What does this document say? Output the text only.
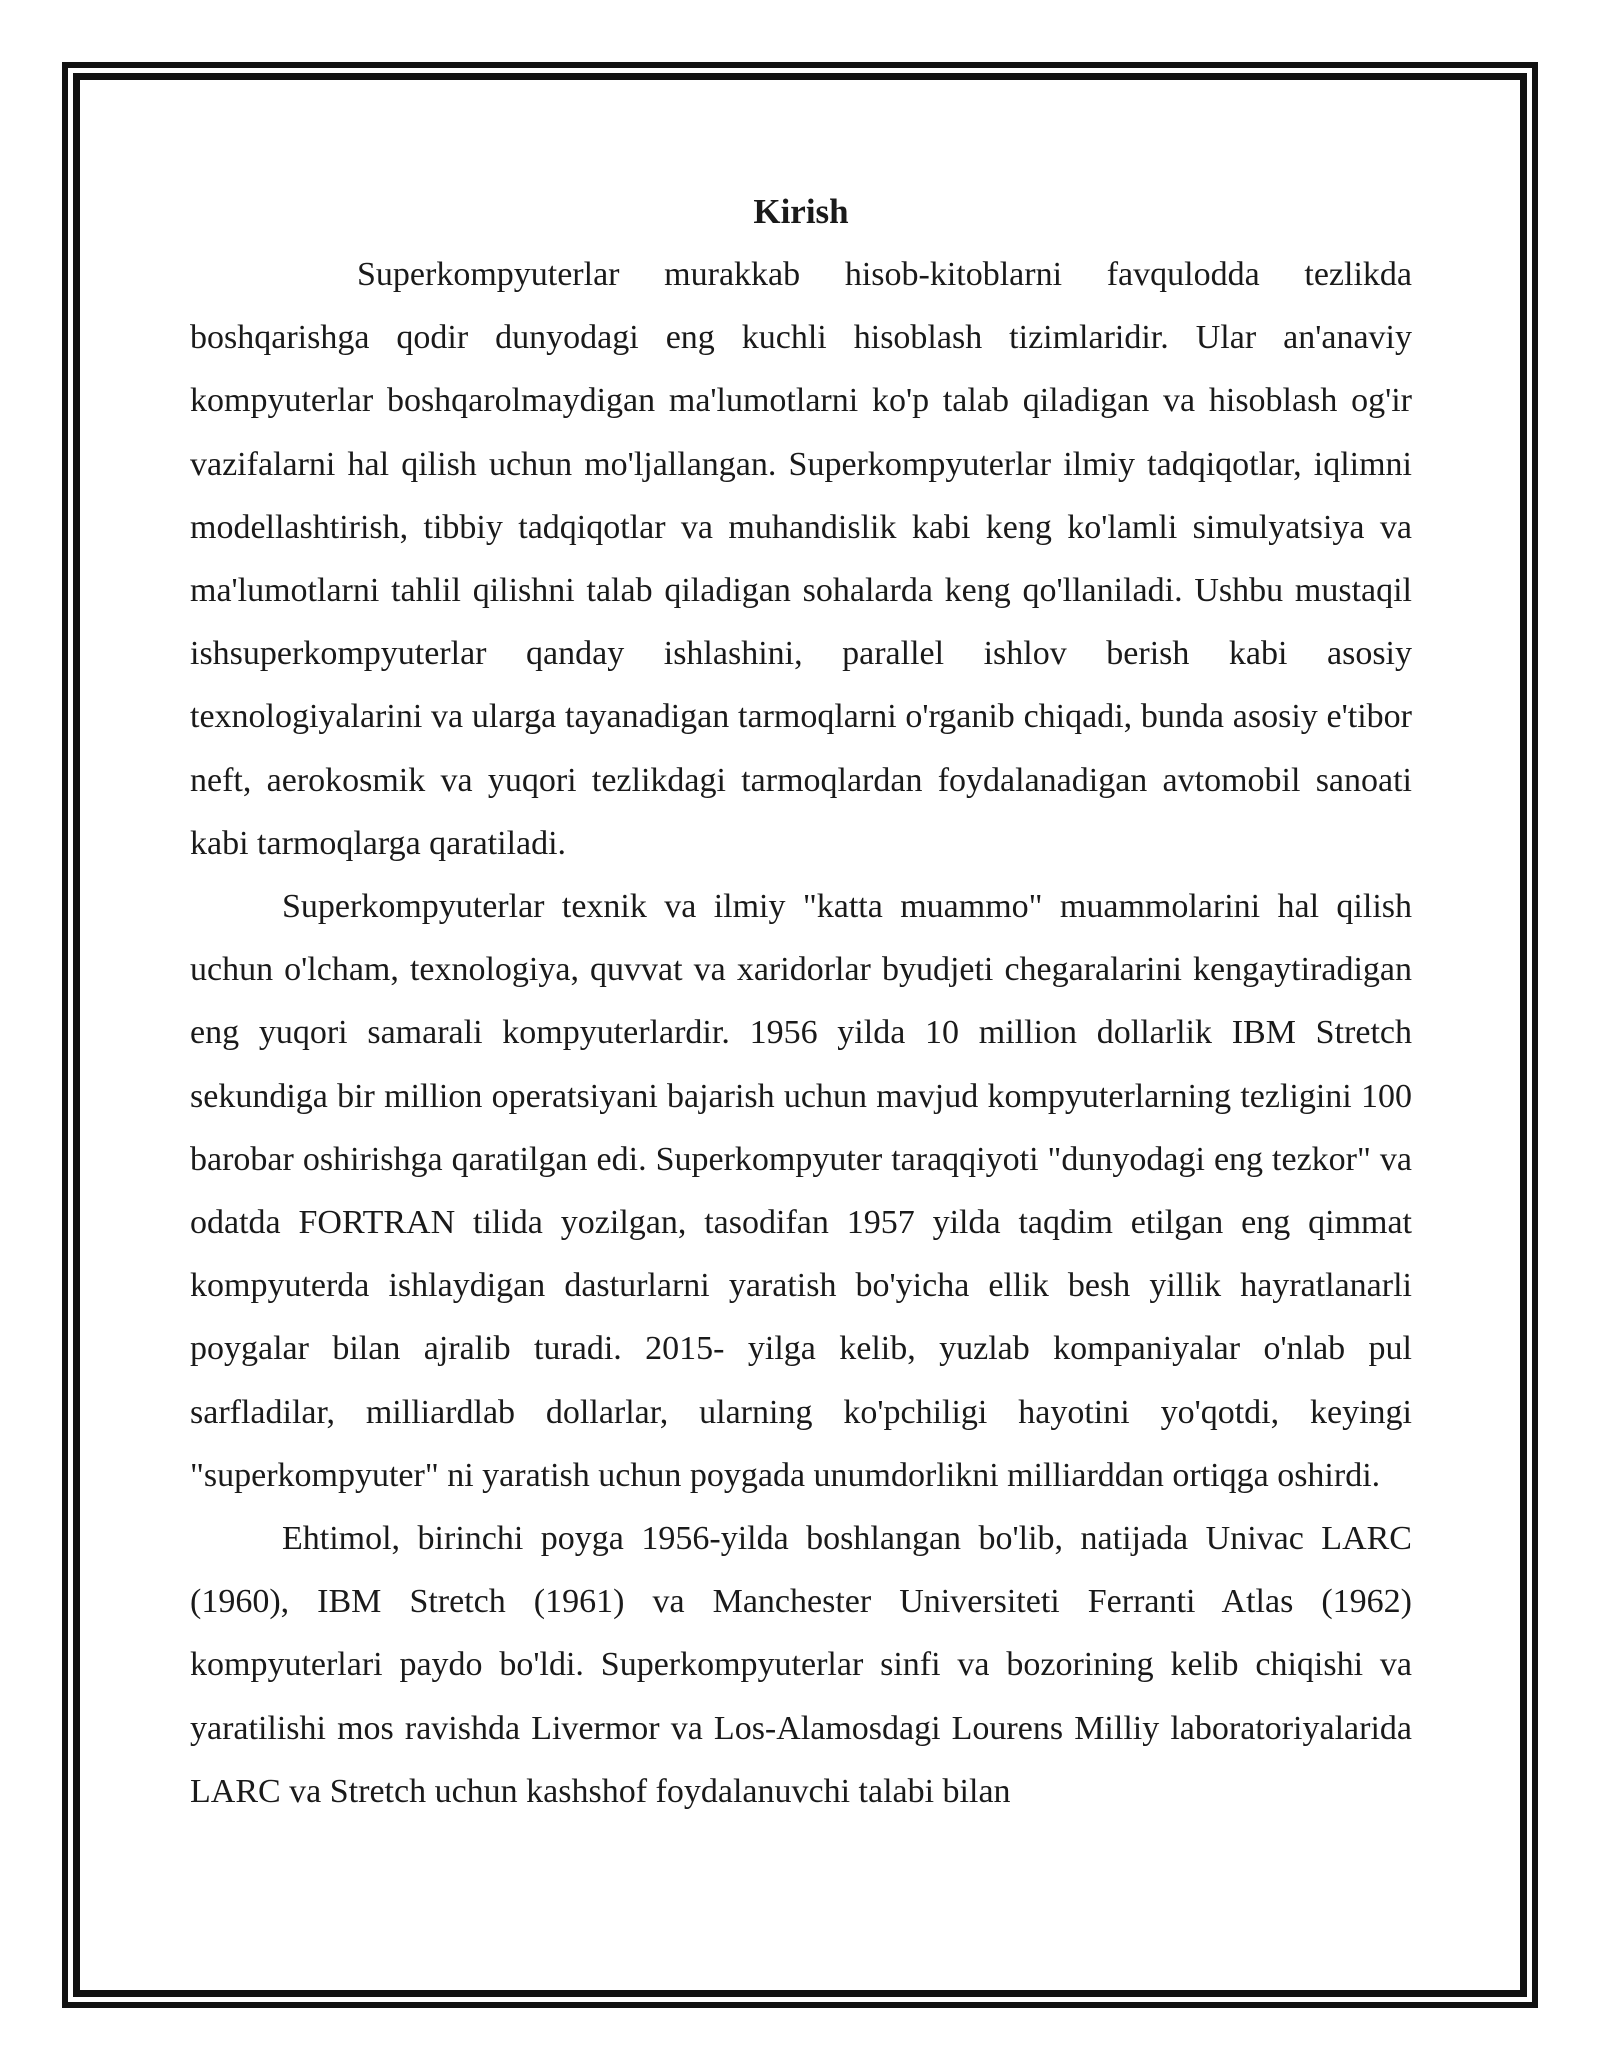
Kirish

Superkompyuterlar murakkab hisob-kitoblarni favqulodda tezlikda boshqarishga qodir dunyodagi eng kuchli hisoblash tizimlaridir. Ular an'anaviy kompyuterlar boshqarolmaydigan ma'lumotlarni ko'p talab qiladigan va hisoblash og'ir vazifalarni hal qilish uchun mo'ljallangan. Superkompyuterlar ilmiy tadqiqotlar, iqlimni modellashtirish, tibbiy tadqiqotlar va muhandislik kabi keng ko'lamli simulyatsiya va ma'lumotlarni tahlil qilishni talab qiladigan sohalarda keng qo'llaniladi. Ushbu mustaqil ishsuperkompyuterlar qanday ishlashini, parallel ishlov berish kabi asosiy texnologiyalarini va ularga tayanadigan tarmoqlarni o'rganib chiqadi, bunda asosiy e'tibor neft, aerokosmik va yuqori tezlikdagi tarmoqlardan foydalanadigan avtomobil sanoati kabi tarmoqlarga qaratiladi.

Superkompyuterlar texnik va ilmiy "katta muammo" muammolarini hal qilish uchun o'lcham, texnologiya, quvvat va xaridorlar byudjeti chegaralarini kengaytiradigan eng yuqori samarali kompyuterlardir. 1956 yilda 10 million dollarlik IBM Stretch sekundiga bir million operatsiyani bajarish uchun mavjud kompyuterlarning tezligini 100 barobar oshirishga qaratilgan edi. Superkompyuter taraqqiyoti "dunyodagi eng tezkor" va odatda FORTRAN tilida yozilgan, tasodifan 1957 yilda taqdim etilgan eng qimmat kompyuterda ishlaydigan dasturlarni yaratish bo'yicha ellik besh yillik hayratlanarli poygalar bilan ajralib turadi. 2015- yilga kelib, yuzlab kompaniyalar o'nlab pul sarfladilar, milliardlab dollarlar, ularning ko'pchiligi hayotini yo'qotdi, keyingi "superkompyuter" ni yaratish uchun poygada unumdorlikni milliarddan ortiqga oshirdi.

Ehtimol, birinchi poyga 1956-yilda boshlangan bo'lib, natijada Univac LARC (1960), IBM Stretch (1961) va Manchester Universiteti Ferranti Atlas (1962) kompyuterlari paydo bo'ldi. Superkompyuterlar sinfi va bozorining kelib chiqishi va yaratilishi mos ravishda Livermor va Los-Alamosdagi Lourens Milliy laboratoriyalarida LARC va Stretch uchun kashshof foydalanuvchi talabi bilan
